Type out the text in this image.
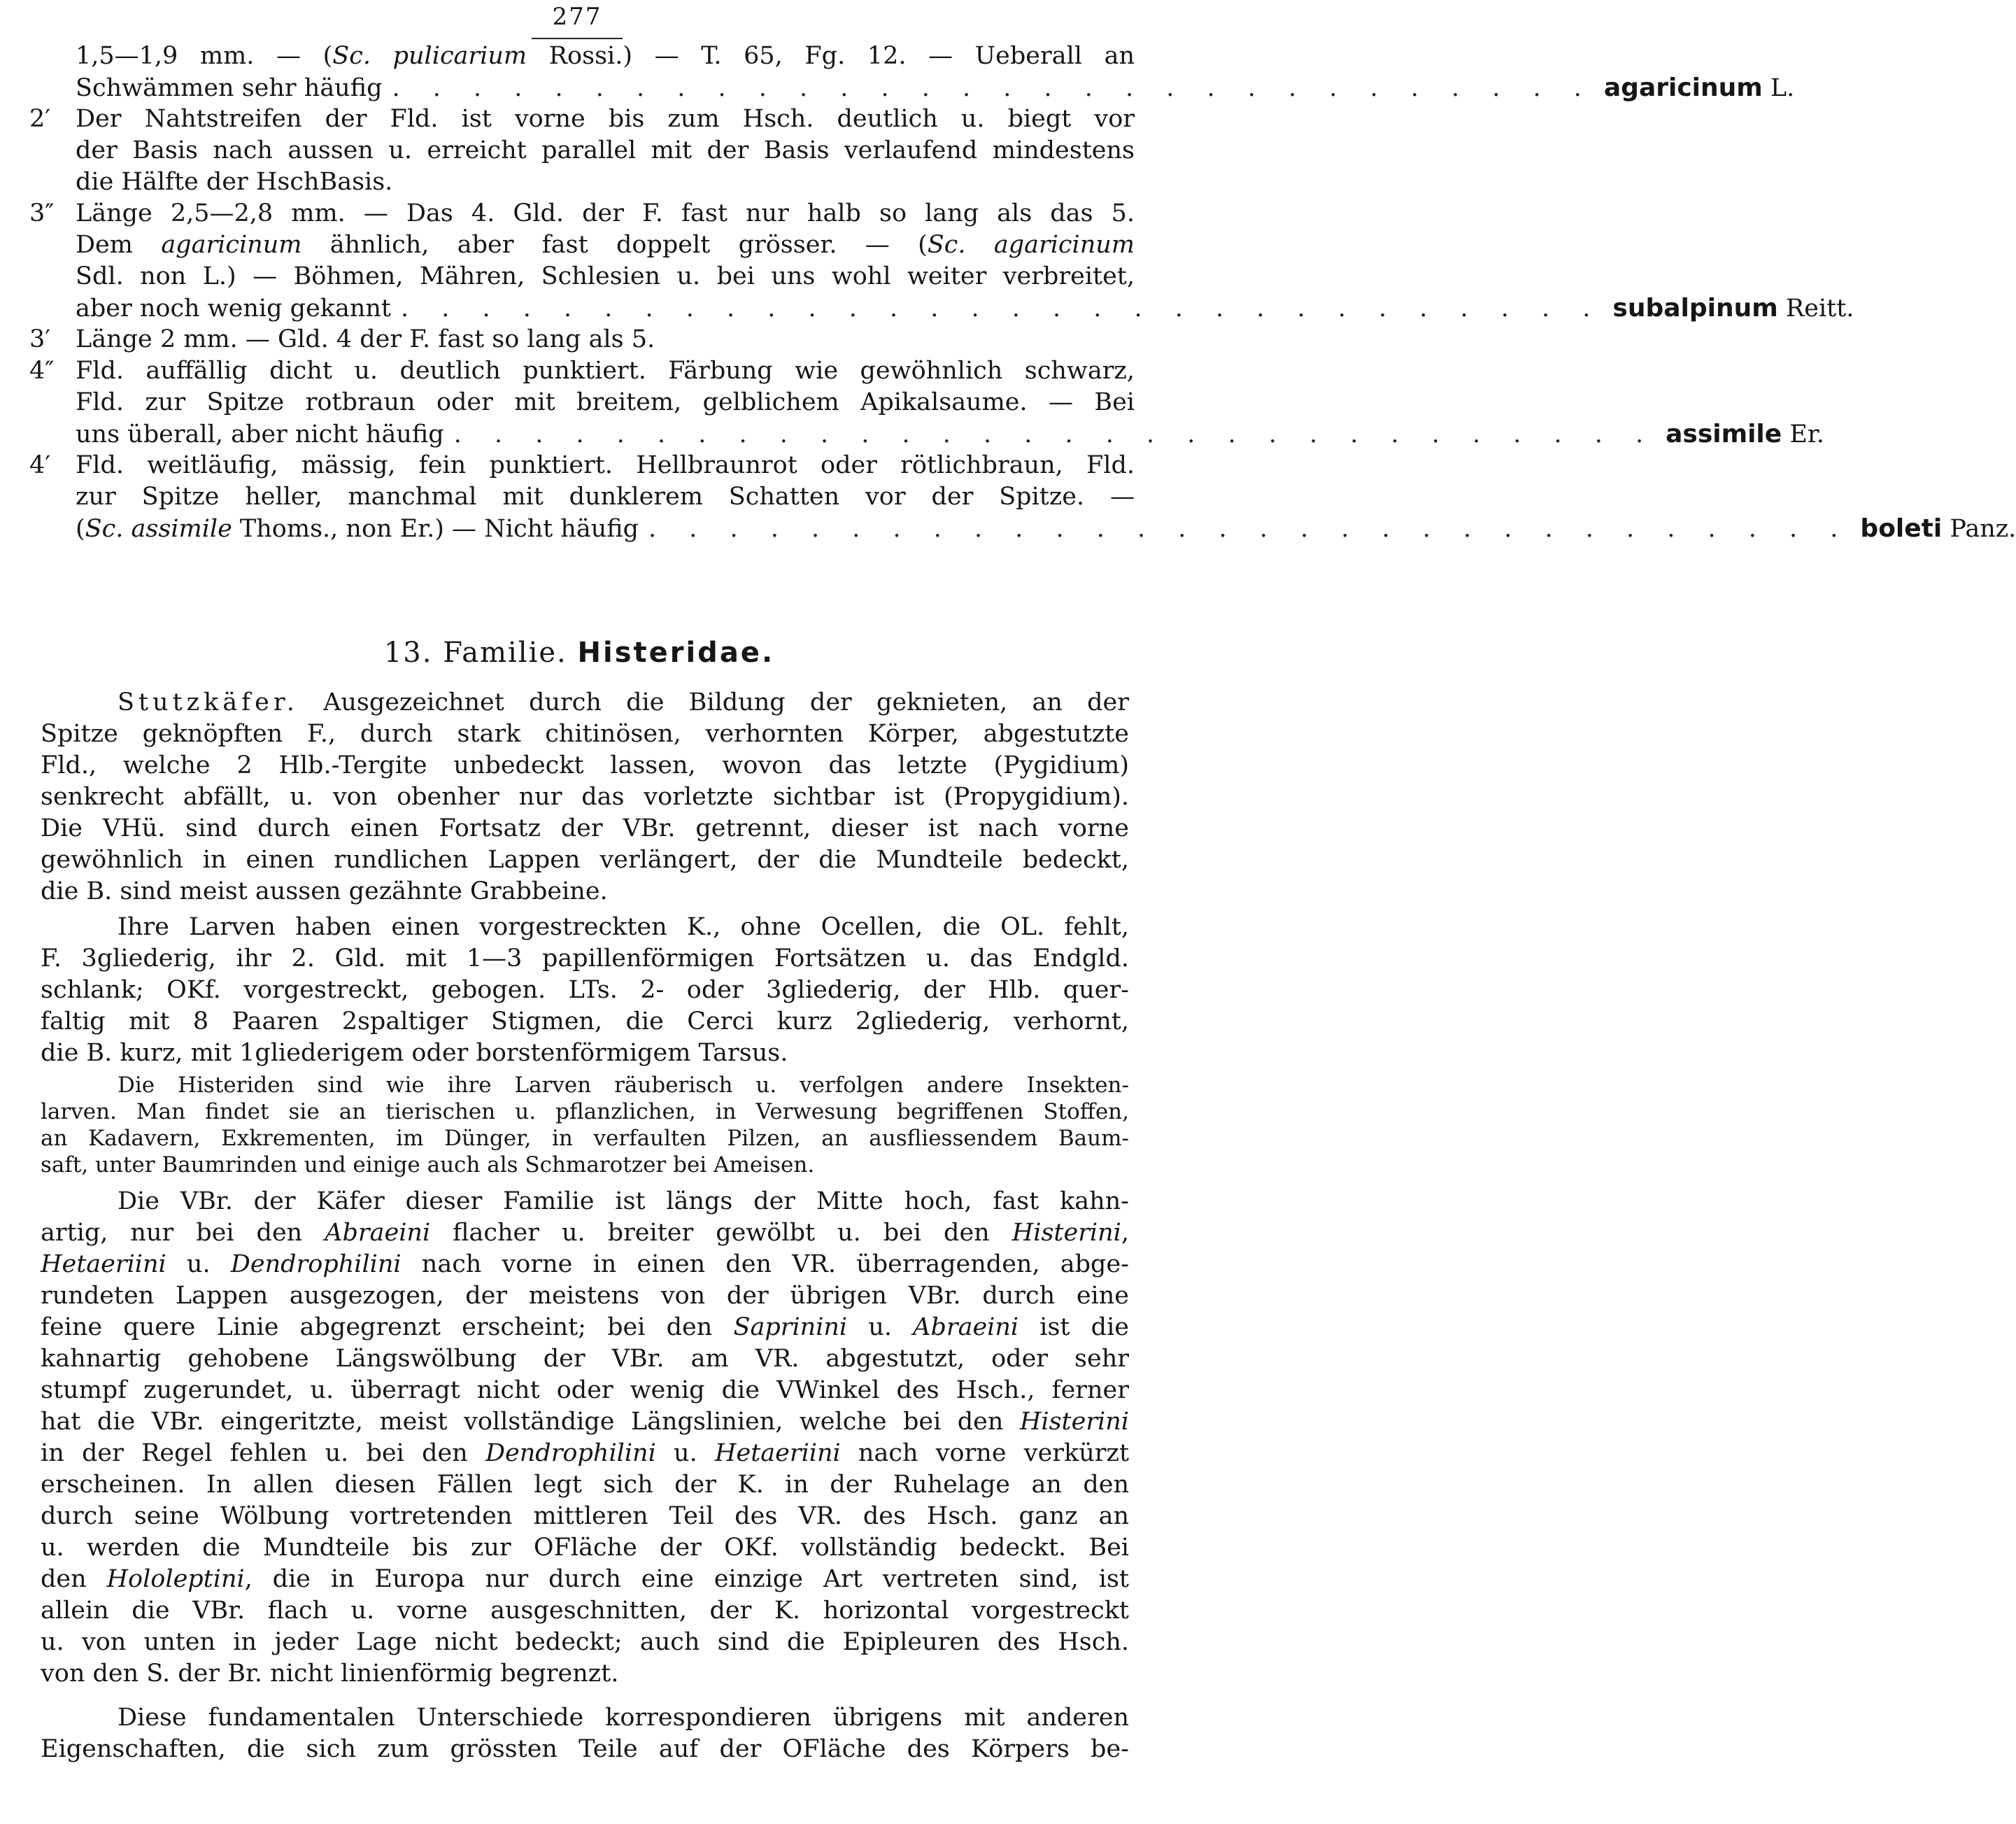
277
1,5—1,9 mm. — (Sc. pulicarium Rossi.) — T. 65, Fg. 12. — Ueberall an
Schwämmen sehr häufig . . . . . . . . . . . . . . . . . . . . . . . . . . . . . . agaricinum L.
2′	Der Nahtstreifen der Fld. ist vorne bis zum Hsch. deutlich u. biegt vor
der Basis nach aussen u. erreicht parallel mit der Basis verlaufend mindestens
die Hälfte der HschBasis.
3″ Länge 2,5—2,8 mm. — Das 4. Gld. der F. fast nur halb so lang als das 5.
Dem agaricinum ähnlich, aber fast doppelt grösser. — (Sc. agaricinum
Sdl. non L.) — Böhmen, Mähren, Schlesien u. bei uns wohl weiter verbreitet,
aber noch wenig gekannt . . . . . . . . . . . . . . . . . . . . . . . . . . . . . . subalpinum Reitt.
3′	Länge 2 mm. — Gld. 4 der F. fast so lang als 5.
4″ Fld. auffällig dicht u. deutlich punktiert. Färbung wie gewöhnlich schwarz,
Fld. zur Spitze rotbraun oder mit breitem, gelblichem Apikalsaume. — Bei
uns überall, aber nicht häufig . . . . . . . . . . . . . . . . . . . . . . . . . . . . . . assimile Er.
4′	Fld. weitläufig, mässig, fein punktiert. Hellbraunrot oder rötlichbraun, Fld.
zur Spitze heller, manchmal mit dunklerem Schatten vor der Spitze. —
(Sc. assimile Thoms., non Er.) — Nicht häufig . . . . . . . . . . . . . . . . . . . . . . . . . . . . . . boleti Panz.
13. Familie. Histeridae.
Stutzkäfer. Ausgezeichnet durch die Bildung der geknieten, an der
Spitze geknöpften F., durch stark chitinösen, verhornten Körper, abgestutzte
Fld., welche 2 Hlb.-Tergite unbedeckt lassen, wovon das letzte (Pygidium)
senkrecht abfällt, u. von obenher nur das vorletzte sichtbar ist (Propygidium).
Die VHü. sind durch einen Fortsatz der VBr. getrennt, dieser ist nach vorne
gewöhnlich in einen rundlichen Lappen verlängert, der die Mundteile bedeckt,
die B. sind meist aussen gezähnte Grabbeine.
Ihre Larven haben einen vorgestreckten K., ohne Ocellen, die OL. fehlt,
F. 3gliederig, ihr 2. Gld. mit 1—3 papillenförmigen Fortsätzen u. das Endgld.
schlank; OKf. vorgestreckt, gebogen. LTs. 2- oder 3gliederig, der Hlb. quer-
faltig mit 8 Paaren 2spaltiger Stigmen, die Cerci kurz 2gliederig, verhornt,
die B. kurz, mit 1gliederigem oder borstenförmigem Tarsus.
Die Histeriden sind wie ihre Larven räuberisch u. verfolgen andere Insekten-
larven. Man findet sie an tierischen u. pflanzlichen, in Verwesung begriffenen Stoffen,
an Kadavern, Exkrementen, im Dünger, in verfaulten Pilzen, an ausfliessendem Baum-
saft, unter Baumrinden und einige auch als Schmarotzer bei Ameisen.
Die VBr. der Käfer dieser Familie ist längs der Mitte hoch, fast kahn-
artig, nur bei den Abraeini flacher u. breiter gewölbt u. bei den Histerini,
Hetaeriini u. Dendrophilini nach vorne in einen den VR. überragenden, abge-
rundeten Lappen ausgezogen, der meistens von der übrigen VBr. durch eine
feine quere Linie abgegrenzt erscheint; bei den Saprinini u. Abraeini ist die
kahnartig gehobene Längswölbung der VBr. am VR. abgestutzt, oder sehr
stumpf zugerundet, u. überragt nicht oder wenig die VWinkel des Hsch., ferner
hat die VBr. eingeritzte, meist vollständige Längslinien, welche bei den Histerini
in der Regel fehlen u. bei den Dendrophilini u. Hetaeriini nach vorne verkürzt
erscheinen. In allen diesen Fällen legt sich der K. in der Ruhelage an den
durch seine Wölbung vortretenden mittleren Teil des VR. des Hsch. ganz an
u. werden die Mundteile bis zur OFläche der OKf. vollständig bedeckt. Bei
den Hololeptini, die in Europa nur durch eine einzige Art vertreten sind, ist
allein die VBr. flach u. vorne ausgeschnitten, der K. horizontal vorgestreckt
u. von unten in jeder Lage nicht bedeckt; auch sind die Epipleuren des Hsch.
von den S. der Br. nicht linienförmig begrenzt.
Diese fundamentalen Unterschiede korrespondieren übrigens mit anderen
Eigenschaften, die sich zum grössten Teile auf der OFläche des Körpers be-
